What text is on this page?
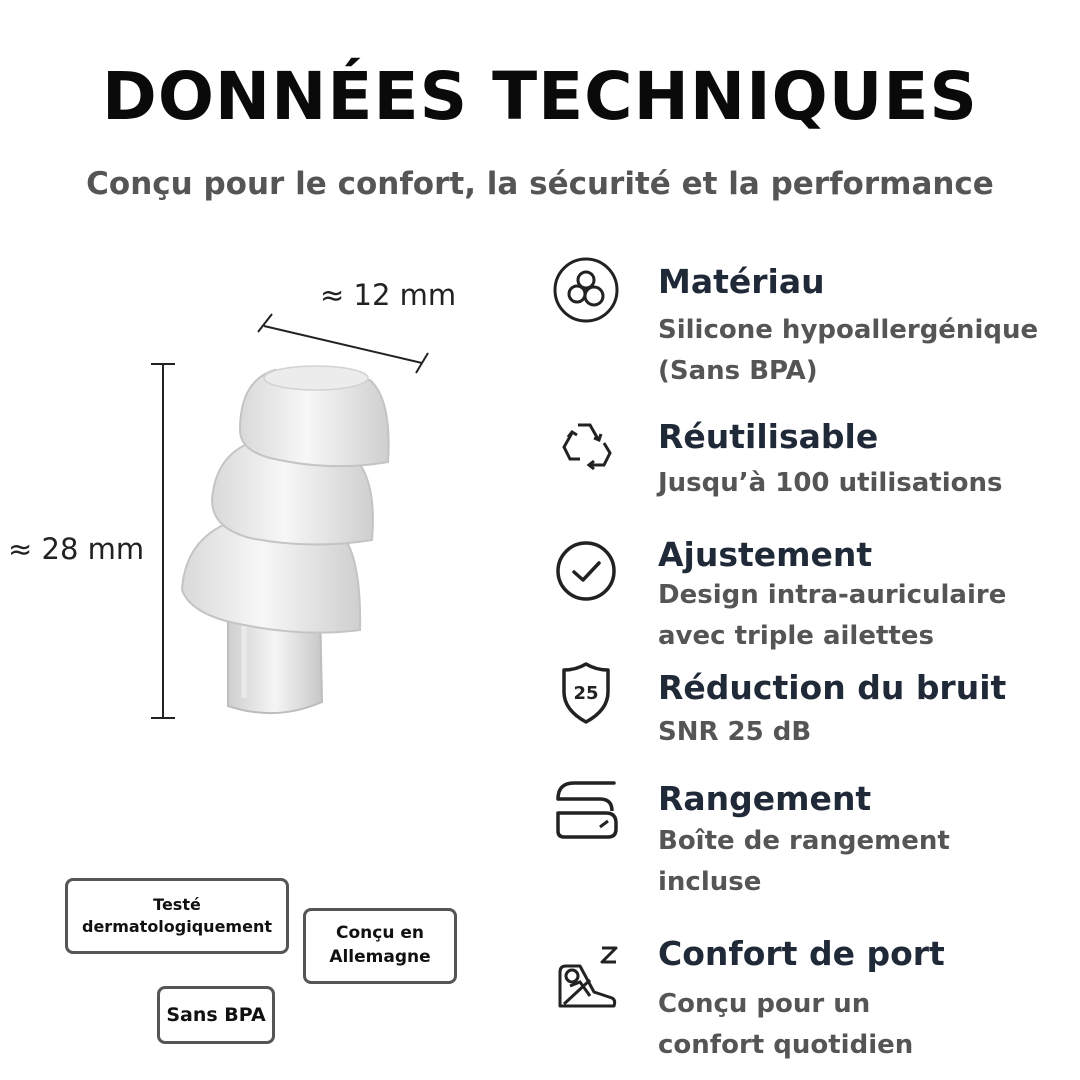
DONNÉES TECHNIQUES

Conçu pour le confort, la sécurité et la performance

≈ 12 mm
≈ 28 mm
Testé
dermatologiquement	Conçu en
Allemagne
Sans BPA
Matériau
Silicone hypoallergénique
(Sans BPA)
Réutilisable
Jusqu’à 100 utilisations
Ajustement
Design intra-auriculaire
avec triple ailettes
25 Réduction du bruit
SNR 25 dB
Rangement
Boîte de rangement
incluse
Confort de port
Conçu pour un
confort quotidien
